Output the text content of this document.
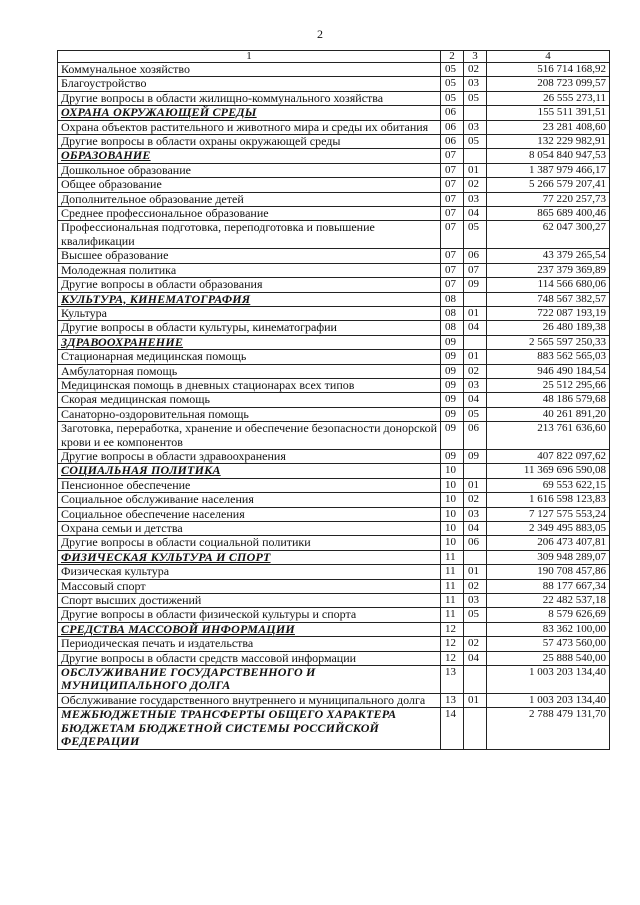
2
1	2	3	4
Коммунальное хозяйство	05	02	516 714 168,92
Благоустройство	05	03	208 723 099,57
Другие вопросы в области жилищно-коммунального хозяйства	05	05	26 555 273,11
ОХРАНА ОКРУЖАЮЩЕЙ СРЕДЫ	06		155 511 391,51
Охрана объектов растительного и животного мира и среды их обитания	06	03	23 281 408,60
Другие вопросы в области охраны окружающей среды	06	05	132 229 982,91
ОБРАЗОВАНИЕ	07		8 054 840 947,53
Дошкольное образование	07	01	1 387 979 466,17
Общее образование	07	02	5 266 579 207,41
Дополнительное образование детей	07	03	77 220 257,73
Среднее профессиональное образование	07	04	865 689 400,46
Профессиональная подготовка, переподготовка и повышение квалификации	07	05	62 047 300,27
Высшее образование	07	06	43 379 265,54
Молодежная политика	07	07	237 379 369,89
Другие вопросы в области образования	07	09	114 566 680,06
КУЛЬТУРА, КИНЕМАТОГРАФИЯ	08		748 567 382,57
Культура	08	01	722 087 193,19
Другие вопросы в области культуры, кинематографии	08	04	26 480 189,38
ЗДРАВООХРАНЕНИЕ	09		2 565 597 250,33
Стационарная медицинская помощь	09	01	883 562 565,03
Амбулаторная помощь	09	02	946 490 184,54
Медицинская помощь в дневных стационарах всех типов	09	03	25 512 295,66
Скорая медицинская помощь	09	04	48 186 579,68
Санаторно-оздоровительная помощь	09	05	40 261 891,20
Заготовка, переработка, хранение и обеспечение безопасности донорской крови и ее компонентов	09	06	213 761 636,60
Другие вопросы в области здравоохранения	09	09	407 822 097,62
СОЦИАЛЬНАЯ ПОЛИТИКА	10		11 369 696 590,08
Пенсионное обеспечение	10	01	69 553 622,15
Социальное обслуживание населения	10	02	1 616 598 123,83
Социальное обеспечение населения	10	03	7 127 575 553,24
Охрана семьи и детства	10	04	2 349 495 883,05
Другие вопросы в области социальной политики	10	06	206 473 407,81
ФИЗИЧЕСКАЯ КУЛЬТУРА И СПОРТ	11		309 948 289,07
Физическая культура	11	01	190 708 457,86
Массовый спорт	11	02	88 177 667,34
Спорт высших достижений	11	03	22 482 537,18
Другие вопросы в области физической культуры и спорта	11	05	8 579 626,69
СРЕДСТВА МАССОВОЙ ИНФОРМАЦИИ	12		83 362 100,00
Периодическая печать и издательства	12	02	57 473 560,00
Другие вопросы в области средств массовой информации	12	04	25 888 540,00
ОБСЛУЖИВАНИЕ ГОСУДАРСТВЕННОГО И МУНИЦИПАЛЬНОГО ДОЛГА	13		1 003 203 134,40
Обслуживание государственного внутреннего и муниципального долга	13	01	1 003 203 134,40
МЕЖБЮДЖЕТНЫЕ ТРАНСФЕРТЫ ОБЩЕГО ХАРАКТЕРА БЮДЖЕТАМ БЮДЖЕТНОЙ СИСТЕМЫ РОССИЙСКОЙ ФЕДЕРАЦИИ	14		2 788 479 131,70
